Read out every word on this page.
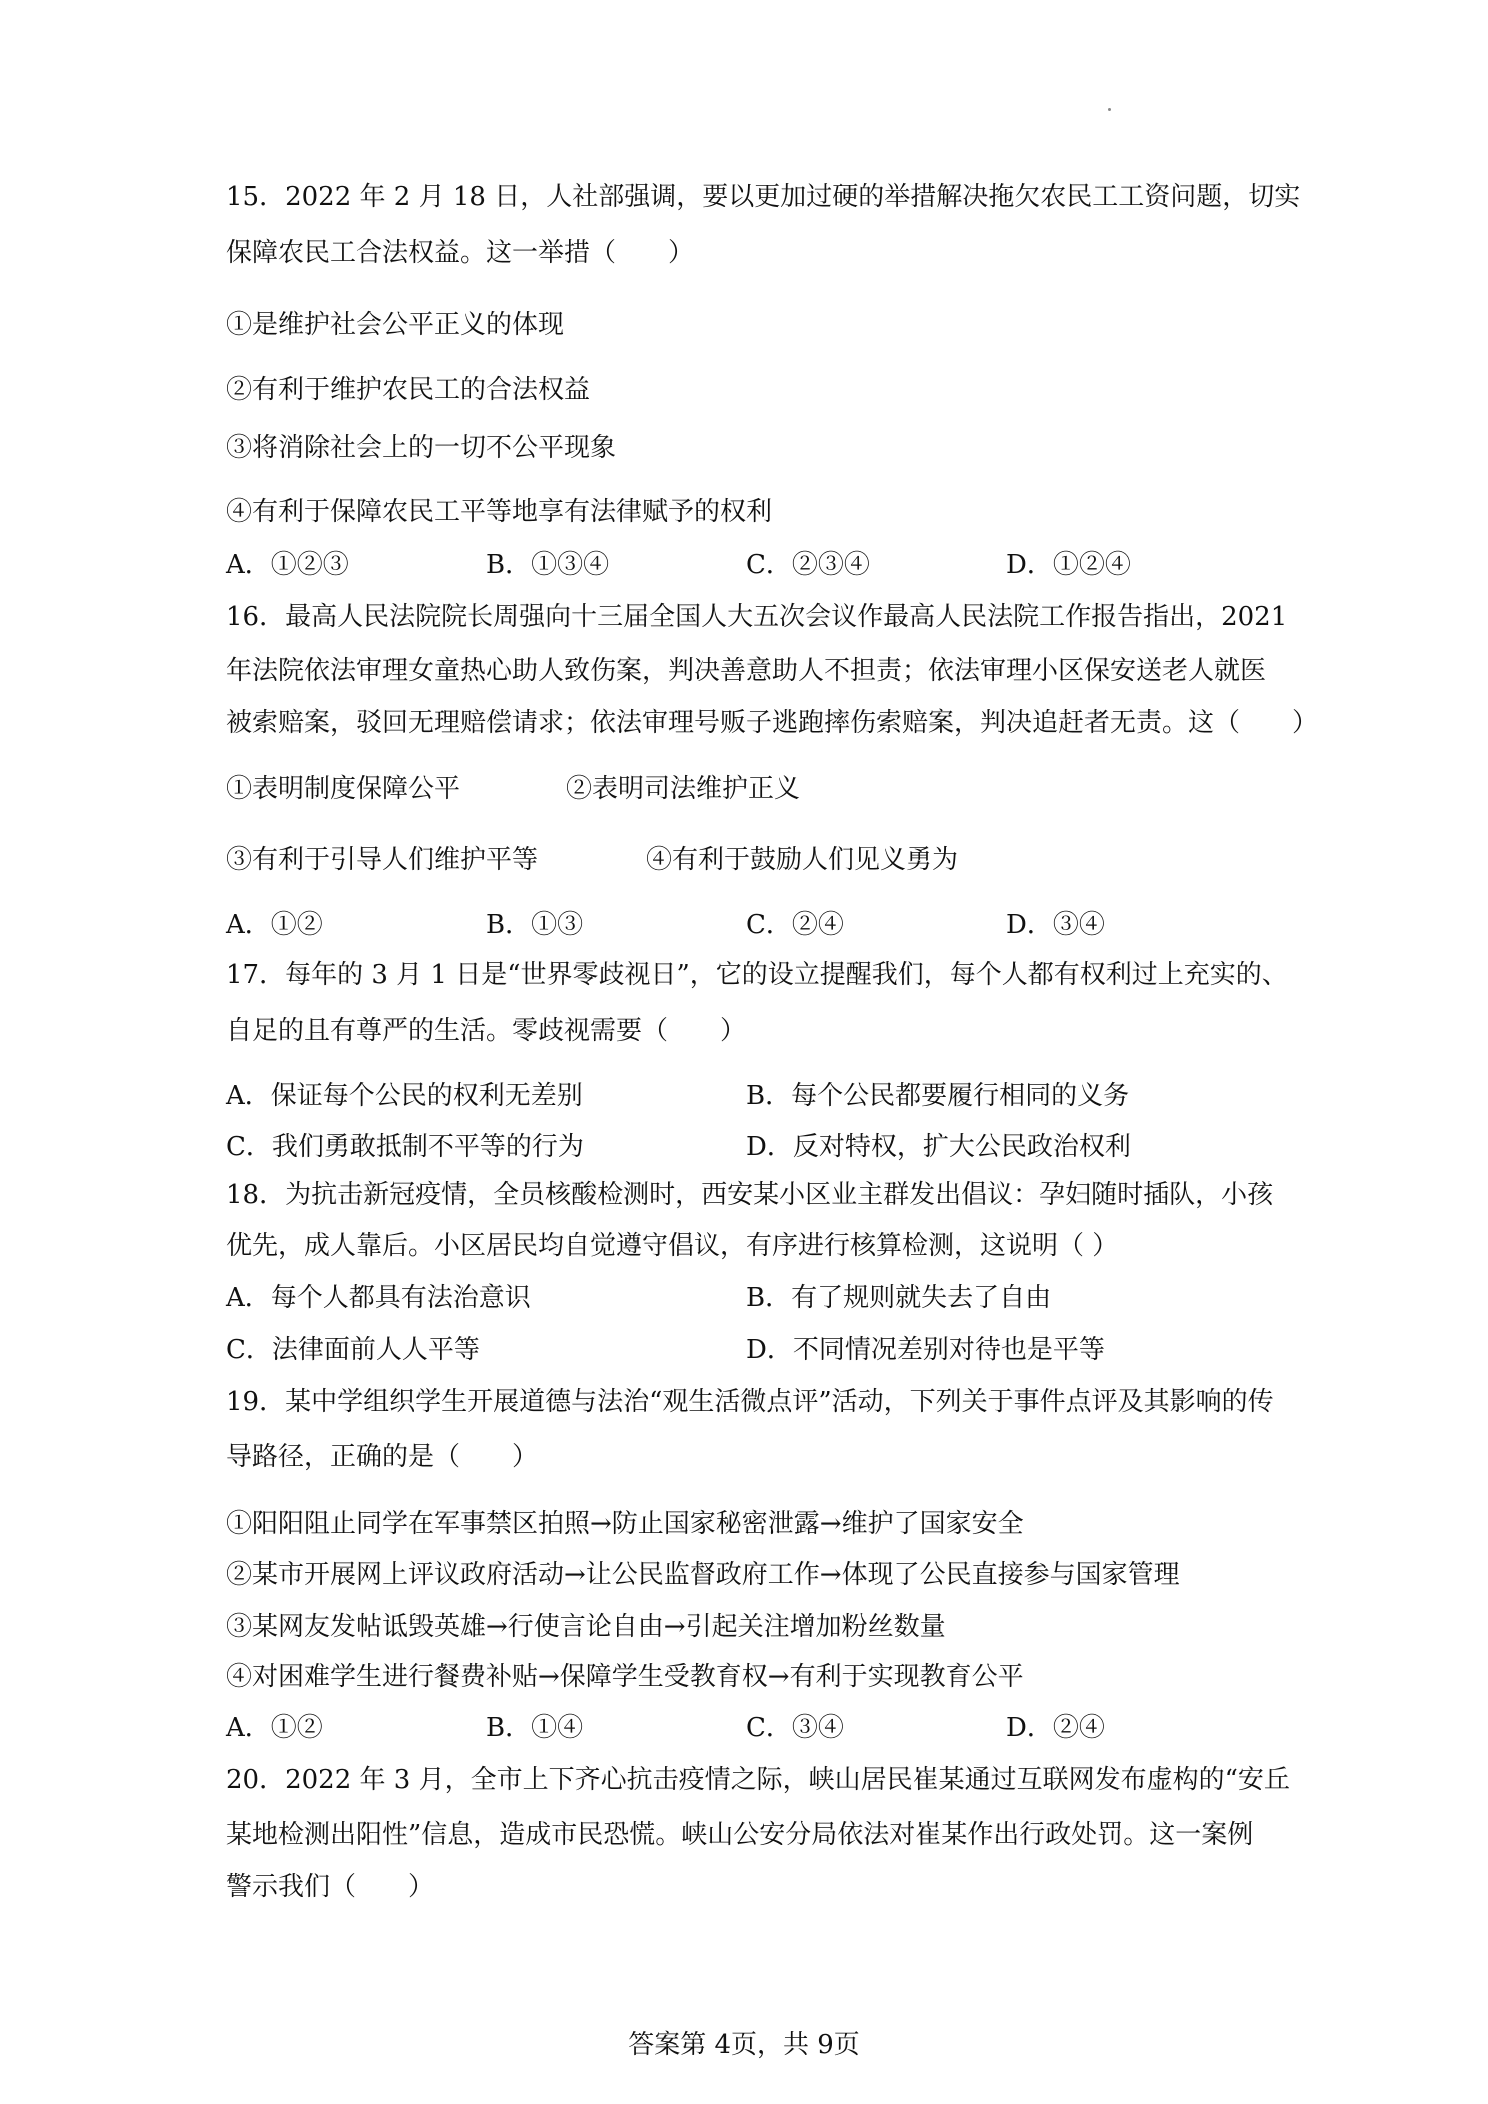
15．2022 年 2 月 18 日，人社部强调，要以更加过硬的举措解决拖欠农民工工资问题，切实
保障农民工合法权益。这一举措（　　）
①是维护社会公平正义的体现
②有利于维护农民工的合法权益
③将消除社会上的一切不公平现象
④有利于保障农民工平等地享有法律赋予的权利
A．①②③	B．①③④	C．②③④	D．①②④
16．最高人民法院院长周强向十三届全国人大五次会议作最高人民法院工作报告指出，2021
年法院依法审理女童热心助人致伤案，判决善意助人不担责；依法审理小区保安送老人就医
被索赔案，驳回无理赔偿请求；依法审理号贩子逃跑摔伤索赔案，判决追赶者无责。这（　　）
①表明制度保障公平	②表明司法维护正义
③有利于引导人们维护平等	④有利于鼓励人们见义勇为
A．①②	B．①③	C．②④	D．③④
17．每年的 3 月 1 日是“世界零歧视日”，它的设立提醒我们，每个人都有权利过上充实的、
自足的且有尊严的生活。零歧视需要（　　）
A．保证每个公民的权利无差别	B．每个公民都要履行相同的义务
C．我们勇敢抵制不平等的行为	D．反对特权，扩大公民政治权利
18．为抗击新冠疫情，全员核酸检测时，西安某小区业主群发出倡议：孕妇随时插队，小孩
优先，成人靠后。小区居民均自觉遵守倡议，有序进行核算检测，这说明（ ）
A．每个人都具有法治意识	B．有了规则就失去了自由
C．法律面前人人平等	D．不同情况差别对待也是平等
19．某中学组织学生开展道德与法治“观生活微点评”活动，下列关于事件点评及其影响的传
导路径，正确的是（　　）
①阳阳阻止同学在军事禁区拍照→防止国家秘密泄露→维护了国家安全
②某市开展网上评议政府活动→让公民监督政府工作→体现了公民直接参与国家管理
③某网友发帖诋毁英雄→行使言论自由→引起关注增加粉丝数量
④对困难学生进行餐费补贴→保障学生受教育权→有利于实现教育公平
A．①②	B．①④	C．③④	D．②④
20．2022 年 3 月，全市上下齐心抗击疫情之际，峡山居民崔某通过互联网发布虚构的“安丘
某地检测出阳性”信息，造成市民恐慌。峡山公安分局依法对崔某作出行政处罚。这一案例
警示我们（　　）
答案第 4页，共 9页
